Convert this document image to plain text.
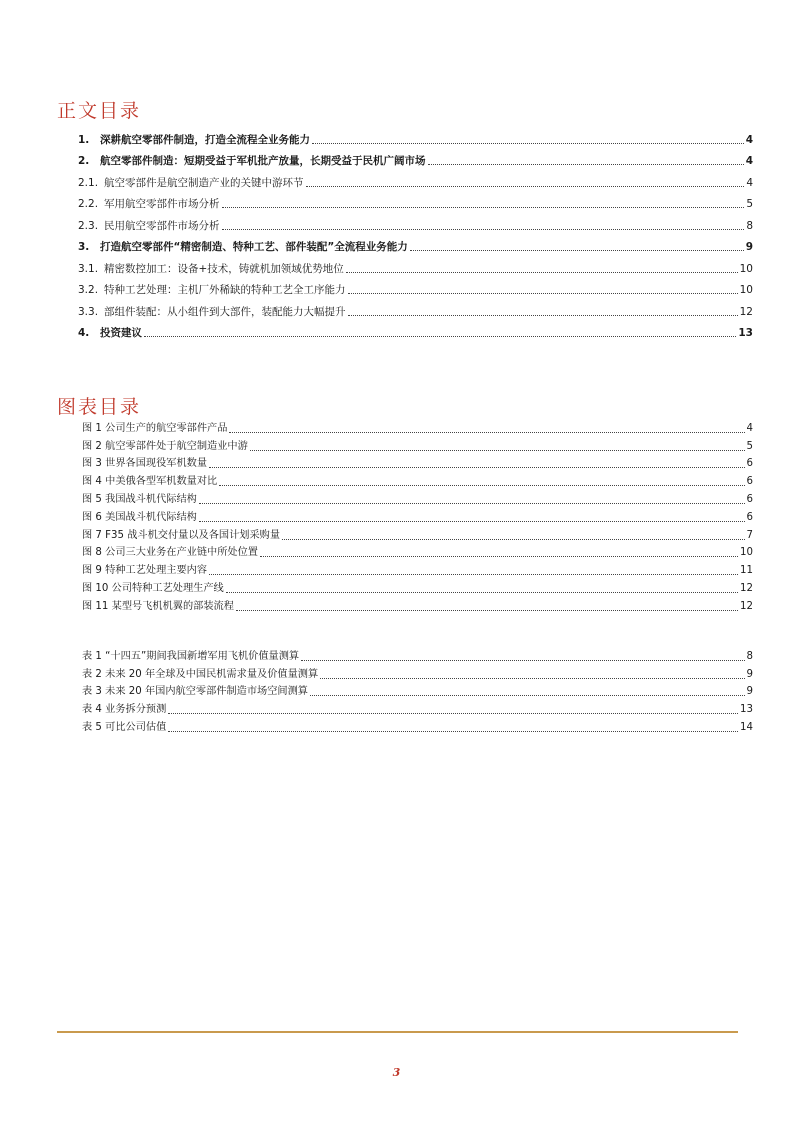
正文目录
1.	深耕航空零部件制造，打造全流程全业务能力	4
2.	航空零部件制造：短期受益于军机批产放量，长期受益于民机广阔市场	4
2.1. 航空零部件是航空制造产业的关键中游环节	4
2.2. 军用航空零部件市场分析	5
2.3. 民用航空零部件市场分析	8
3.	打造航空零部件“精密制造、特种工艺、部件装配”全流程业务能力	9
3.1. 精密数控加工：设备+技术，铸就机加领域优势地位	10
3.2. 特种工艺处理：主机厂外稀缺的特种工艺全工序能力	10
3.3. 部组件装配：从小组件到大部件，装配能力大幅提升	12
4.	投资建议	13
图表目录
图 1 公司生产的航空零部件产品	4
图 2 航空零部件处于航空制造业中游	5
图 3 世界各国现役军机数量	6
图 4 中美俄各型军机数量对比	6
图 5 我国战斗机代际结构	6
图 6 美国战斗机代际结构	6
图 7 F35 战斗机交付量以及各国计划采购量	7
图 8 公司三大业务在产业链中所处位置	10
图 9 特种工艺处理主要内容	11
图 10 公司特种工艺处理生产线	12
图 11 某型号飞机机翼的部装流程	12
表 1 “十四五”期间我国新增军用飞机价值量测算	8
表 2 未来 20 年全球及中国民机需求量及价值量测算	9
表 3 未来 20 年国内航空零部件制造市场空间测算	9
表 4 业务拆分预测	13
表 5 可比公司估值	14
3
